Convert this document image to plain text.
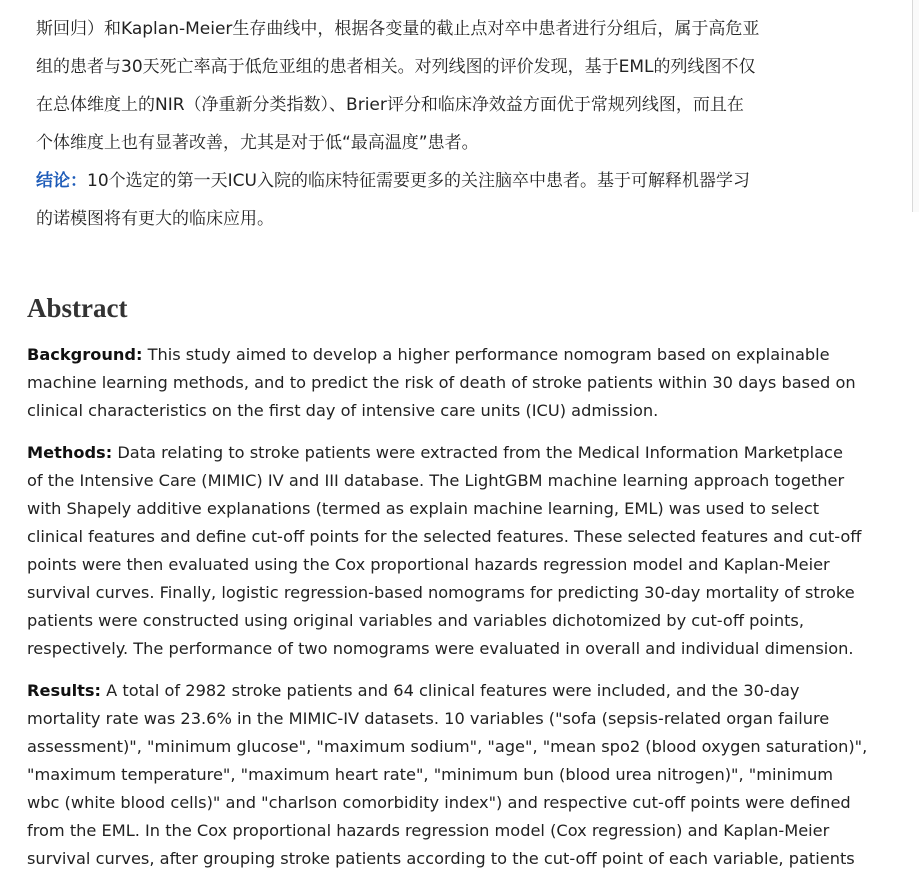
斯回归）和Kaplan-Meier生存曲线中，根据各变量的截止点对卒中患者进行分组后，属于高危亚
组的患者与30天死亡率高于低危亚组的患者相关。对列线图的评价发现，基于EML的列线图不仅
在总体维度上的NIR（净重新分类指数）、Brier评分和临床净效益方面优于常规列线图，而且在
个体维度上也有显著改善，尤其是对于低“最高温度”患者。
结论：10个选定的第一天ICU入院的临床特征需要更多的关注脑卒中患者。基于可解释机器学习
的诺模图将有更大的临床应用。
Abstract
Background: This study aimed to develop a higher performance nomogram based on explainable
machine learning methods, and to predict the risk of death of stroke patients within 30 days based on
clinical characteristics on the first day of intensive care units (ICU) admission.
Methods: Data relating to stroke patients were extracted from the Medical Information Marketplace
of the Intensive Care (MIMIC) IV and III database. The LightGBM machine learning approach together
with Shapely additive explanations (termed as explain machine learning, EML) was used to select
clinical features and define cut-off points for the selected features. These selected features and cut-off
points were then evaluated using the Cox proportional hazards regression model and Kaplan-Meier
survival curves. Finally, logistic regression-based nomograms for predicting 30-day mortality of stroke
patients were constructed using original variables and variables dichotomized by cut-off points,
respectively. The performance of two nomograms were evaluated in overall and individual dimension.
Results: A total of 2982 stroke patients and 64 clinical features were included, and the 30-day
mortality rate was 23.6% in the MIMIC-IV datasets. 10 variables ("sofa (sepsis-related organ failure
assessment)", "minimum glucose", "maximum sodium", "age", "mean spo2 (blood oxygen saturation)",
"maximum temperature", "maximum heart rate", "minimum bun (blood urea nitrogen)", "minimum
wbc (white blood cells)" and "charlson comorbidity index") and respective cut-off points were defined
from the EML. In the Cox proportional hazards regression model (Cox regression) and Kaplan-Meier
survival curves, after grouping stroke patients according to the cut-off point of each variable, patients
